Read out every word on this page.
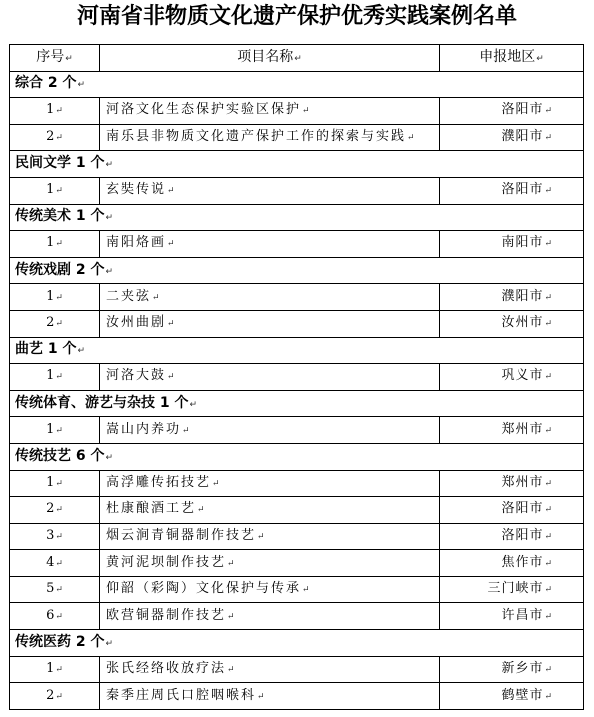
河南省非物质文化遗产保护优秀实践案例名单
序号↵	项目名称↵	申报地区↵
综合 2 个↵		
1↵	河洛文化生态保护实验区保护↵	洛阳市↵
2↵	南乐县非物质文化遗产保护工作的探索与实践↵	濮阳市↵
民间文学 1 个↵		
1↵	玄奘传说↵	洛阳市↵
传统美术 1 个↵		
1↵	南阳烙画↵	南阳市↵
传统戏剧 2 个↵		
1↵	二夹弦↵	濮阳市↵
2↵	汝州曲剧↵	汝州市↵
曲艺 1 个↵		
1↵	河洛大鼓↵	巩义市↵
传统体育、游艺与杂技 1 个↵		
1↵	嵩山内养功↵	郑州市↵
传统技艺 6 个↵		
1↵	高浮雕传拓技艺↵	郑州市↵
2↵	杜康酿酒工艺↵	洛阳市↵
3↵	烟云涧青铜器制作技艺↵	洛阳市↵
4↵	黄河泥坝制作技艺↵	焦作市↵
5↵	仰韶（彩陶）文化保护与传承↵	三门峡市↵
6↵	欧营铜器制作技艺↵	许昌市↵
传统医药 2 个↵		
1↵	张氏经络收放疗法↵	新乡市↵
2↵	秦季庄周氏口腔咽喉科↵	鹤壁市↵
